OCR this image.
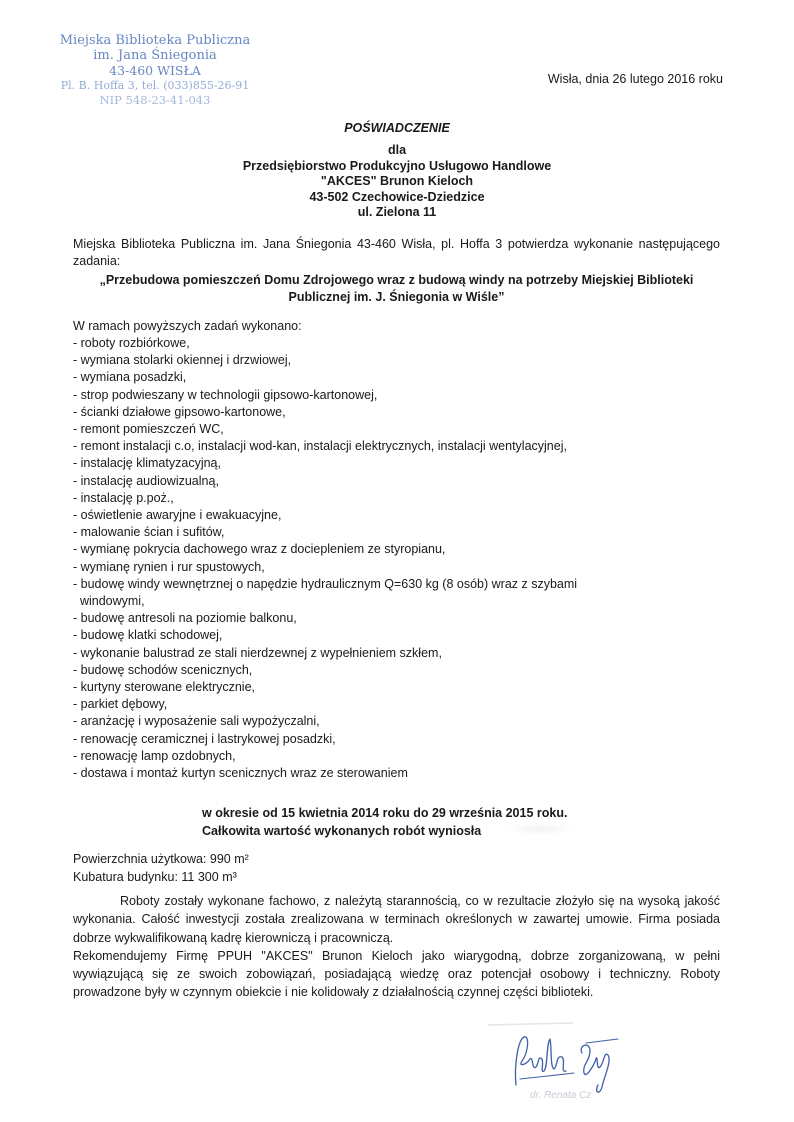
Miejska Biblioteka Publiczna
im. Jana Śniegonia
43-460 WISŁA
Pl. B. Hoffa 3, tel. (033)855-26-91
NIP 548-23-41-043
Wisła, dnia 26 lutego 2016 roku
POŚWIADCZENIE
dla
Przedsiębiorstwo Produkcyjno Usługowo Handlowe
"AKCES" Brunon Kieloch
43-502 Czechowice-Dziedzice
ul. Zielona 11
Miejska Biblioteka Publiczna im. Jana Śniegonia 43-460 Wisła, pl. Hoffa 3 potwierdza wykonanie następującego zadania:
„Przebudowa pomieszczeń Domu Zdrojowego wraz z budową windy na potrzeby Miejskiej Biblioteki Publicznej im. J. Śniegonia w Wiśle”
W ramach powyższych zadań wykonano:
- roboty rozbiórkowe,
- wymiana stolarki okiennej i drzwiowej,
- wymiana posadzki,
- strop podwieszany w technologii gipsowo-kartonowej,
- ścianki działowe gipsowo-kartonowe,
- remont pomieszczeń WC,
- remont instalacji c.o, instalacji wod-kan, instalacji elektrycznych, instalacji wentylacyjnej,
- instalację klimatyzacyjną,
- instalację audiowizualną,
- instalację p.poż.,
- oświetlenie awaryjne i ewakuacyjne,
- malowanie ścian i sufitów,
- wymianę pokrycia dachowego wraz z dociepleniem ze styropianu,
- wymianę rynien i rur spustowych,
- budowę windy wewnętrznej o napędzie hydraulicznym Q=630 kg (8 osób) wraz z szybami
windowymi,
- budowę antresoli na poziomie balkonu,
- budowę klatki schodowej,
- wykonanie balustrad ze stali nierdzewnej z wypełnieniem szkłem,
- budowę schodów scenicznych,
- kurtyny sterowane elektrycznie,
- parkiet dębowy,
- aranżację i wyposażenie sali wypożyczalni,
- renowację ceramicznej i lastrykowej posadzki,
- renowację lamp ozdobnych,
- dostawa i montaż kurtyn scenicznych wraz ze sterowaniem
w okresie od 15 kwietnia 2014 roku do 29 września 2015 roku.
Całkowita wartość wykonanych robót wyniosła
Powierzchnia użytkowa: 990 m²
Kubatura budynku: 11 300 m³

Roboty zostały wykonane fachowo, z należytą starannością, co w rezultacie złożyło się na wysoką jakość wykonania. Całość inwestycji została zrealizowana w terminach określonych w zawartej umowie. Firma posiada dobrze wykwalifikowaną kadrę kierowniczą i pracowniczą.

Rekomendujemy Firmę PPUH "AKCES" Brunon Kieloch jako wiarygodną, dobrze zorganizowaną, w pełni wywiązującą się ze swoich zobowiązań, posiadającą wiedzę oraz potencjał osobowy i techniczny. Roboty prowadzone były w czynnym obiekcie i nie kolidowały z działalnością czynnej części biblioteki.

dr. Renata Cz
